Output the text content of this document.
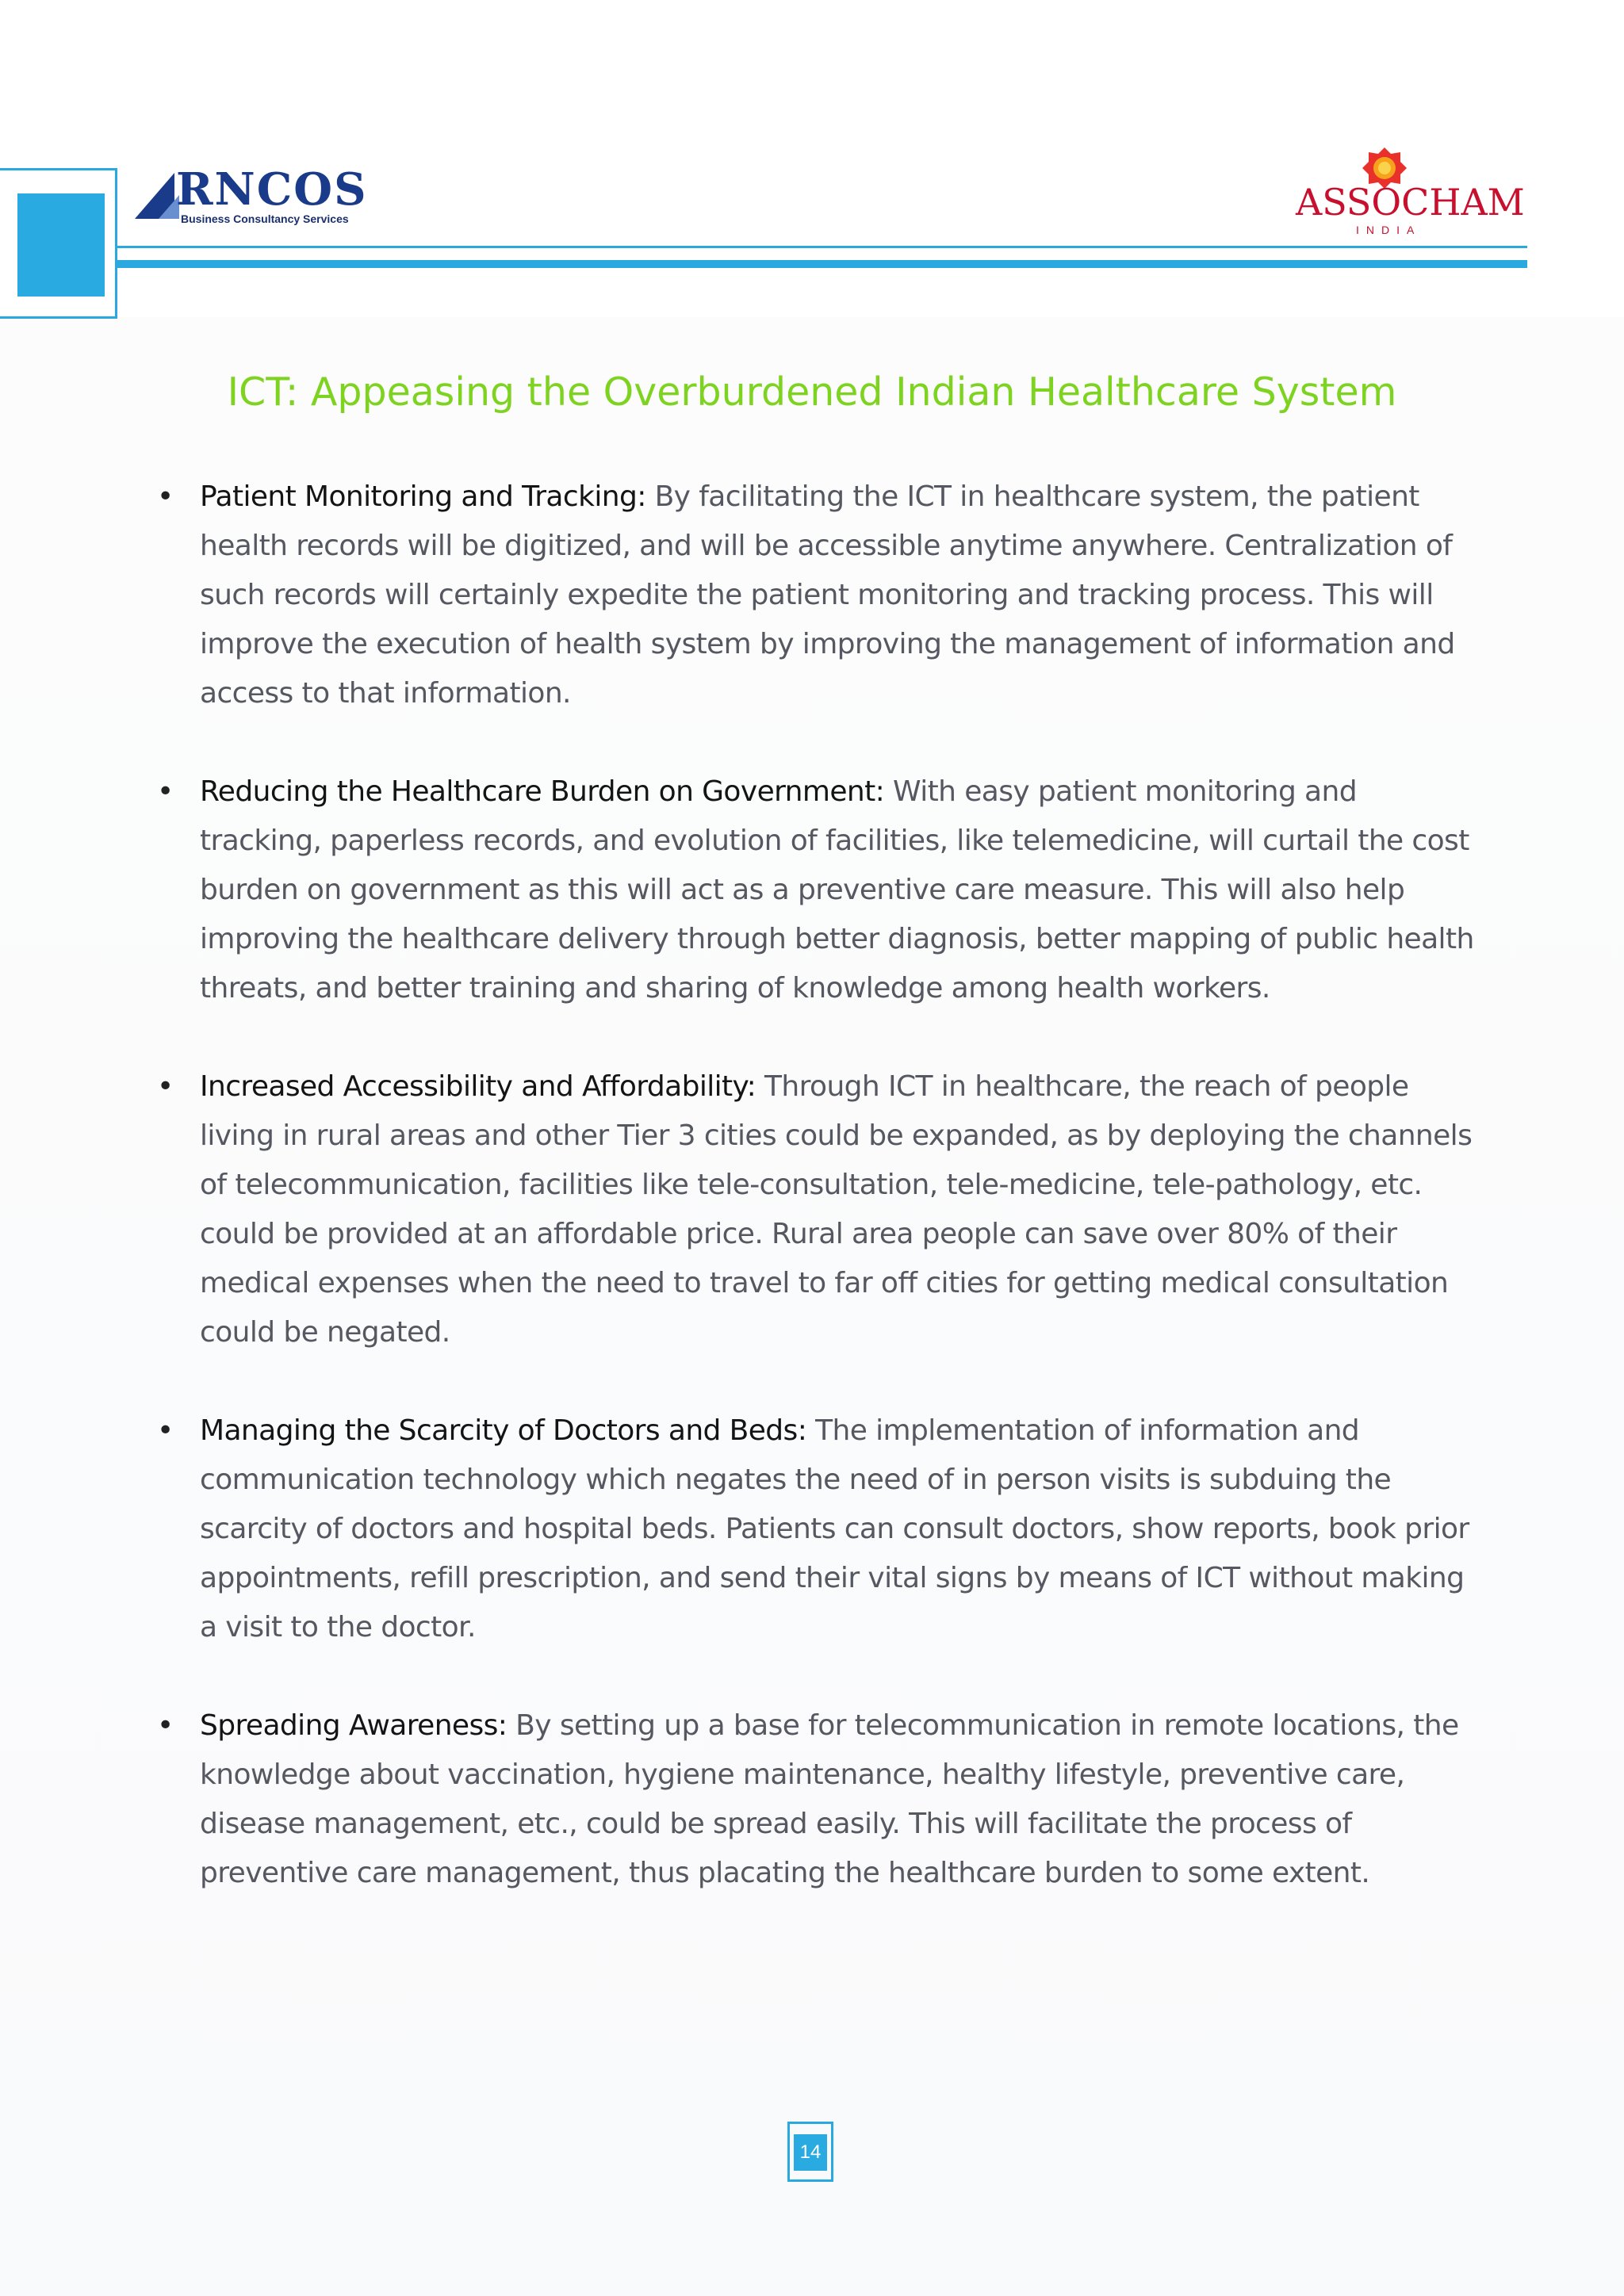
RNCOS
Business Consultancy Services	ASSOCHAM
INDIA
ICT: Appeasing the Overburdened Indian Healthcare System
• Patient Monitoring and Tracking: By facilitating the ICT in healthcare system, the patient health records will be digitized, and will be accessible anytime anywhere. Centralization of such records will certainly expedite the patient monitoring and tracking process. This will improve the execution of health system by improving the management of information and access to that information.
• Reducing the Healthcare Burden on Government: With easy patient monitoring and tracking, paperless records, and evolution of facilities, like telemedicine, will curtail the cost burden on government as this will act as a preventive care measure. This will also help improving the healthcare delivery through better diagnosis, better mapping of public health threats, and better training and sharing of knowledge among health workers.
• Increased Accessibility and Affordability: Through ICT in healthcare, the reach of people living in rural areas and other Tier 3 cities could be expanded, as by deploying the channels of telecommunication, facilities like tele-consultation, tele-medicine, tele-pathology, etc. could be provided at an affordable price. Rural area people can save over 80% of their medical expenses when the need to travel to far off cities for getting medical consultation could be negated.
• Managing the Scarcity of Doctors and Beds: The implementation of information and communication technology which negates the need of in person visits is subduing the scarcity of doctors and hospital beds. Patients can consult doctors, show reports, book prior appointments, refill prescription, and send their vital signs by means of ICT without making a visit to the doctor.
• Spreading Awareness: By setting up a base for telecommunication in remote locations, the knowledge about vaccination, hygiene maintenance, healthy lifestyle, preventive care, disease management, etc., could be spread easily. This will facilitate the process of preventive care management, thus placating the healthcare burden to some extent.
14
